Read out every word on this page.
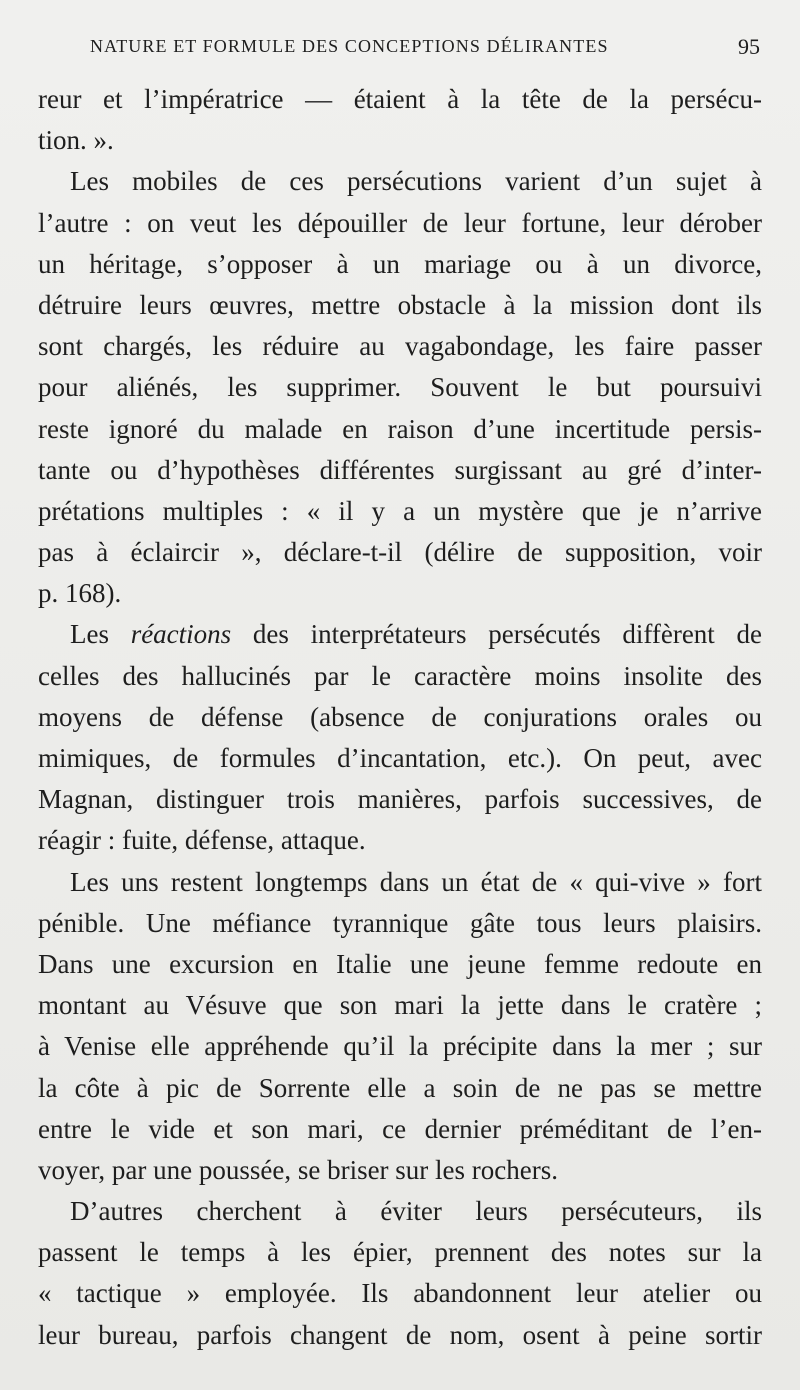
NATURE ET FORMULE DES CONCEPTIONS DÉLIRANTES	95
reur et l’impératrice — étaient à la tête de la persécu-
tion. ».
Les mobiles de ces persécutions varient d’un sujet à
l’autre : on veut les dépouiller de leur fortune, leur dérober
un héritage, s’opposer à un mariage ou à un divorce,
détruire leurs œuvres, mettre obstacle à la mission dont ils
sont chargés, les réduire au vagabondage, les faire passer
pour aliénés, les supprimer. Souvent le but poursuivi
reste ignoré du malade en raison d’une incertitude persis-
tante ou d’hypothèses différentes surgissant au gré d’inter-
prétations multiples : « il y a un mystère que je n’arrive
pas à éclaircir », déclare-t-il (délire de supposition, voir
p. 168).
Les réactions des interprétateurs persécutés diffèrent de
celles des hallucinés par le caractère moins insolite des
moyens de défense (absence de conjurations orales ou
mimiques, de formules d’incantation, etc.). On peut, avec
Magnan, distinguer trois manières, parfois successives, de
réagir : fuite, défense, attaque.
Les uns restent longtemps dans un état de « qui-vive » fort
pénible. Une méfiance tyrannique gâte tous leurs plaisirs.
Dans une excursion en Italie une jeune femme redoute en
montant au Vésuve que son mari la jette dans le cratère ;
à Venise elle appréhende qu’il la précipite dans la mer ; sur
la côte à pic de Sorrente elle a soin de ne pas se mettre
entre le vide et son mari, ce dernier préméditant de l’en-
voyer, par une poussée, se briser sur les rochers.
D’autres cherchent à éviter leurs persécuteurs, ils
passent le temps à les épier, prennent des notes sur la
« tactique » employée. Ils abandonnent leur atelier ou
leur bureau, parfois changent de nom, osent à peine sortir
